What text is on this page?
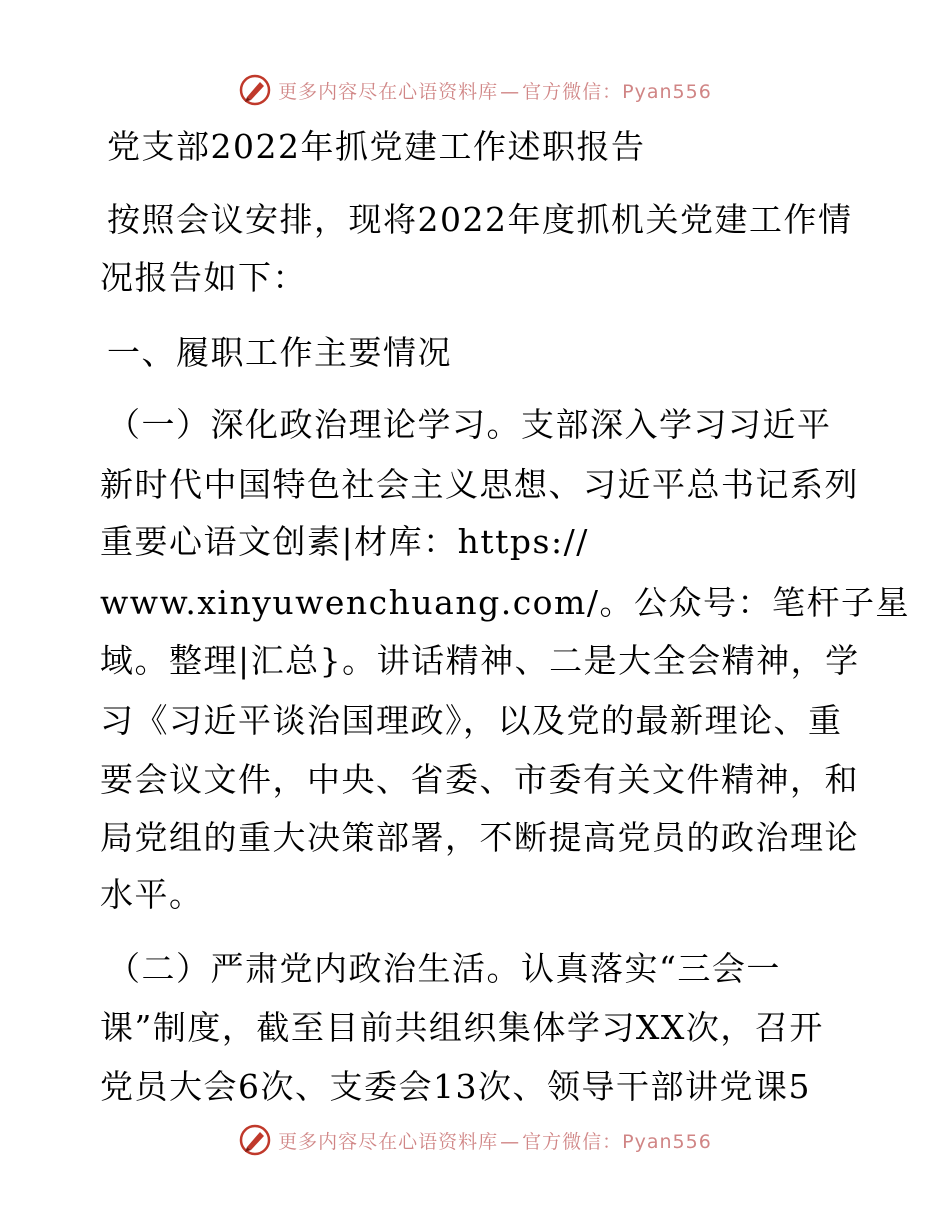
更多内容尽在心语资料库 — 官方微信：Pyan556
党支部2022年抓党建工作述职报告
按照会议安排，现将2022年度抓机关党建工作情
况报告如下：
一、履职工作主要情况
（一）深化政治理论学习。支部深入学习习近平
新时代中国特色社会主义思想、习近平总书记系列
重要心语文创素|材库：https://
www.xinyuwenchuang.com/。公众号：笔杆子星
域。整理|汇总}。讲话精神、二是大全会精神，学
习《习近平谈治国理政》，以及党的最新理论、重
要会议文件，中央、省委、市委有关文件精神，和
局党组的重大决策部署，不断提高党员的政治理论
水平。
（二）严肃党内政治生活。认真落实“三会一
课”制度，截至目前共组织集体学习XX次，召开
党员大会6次、支委会13次、领导干部讲党课5
更多内容尽在心语资料库 — 官方微信：Pyan556
